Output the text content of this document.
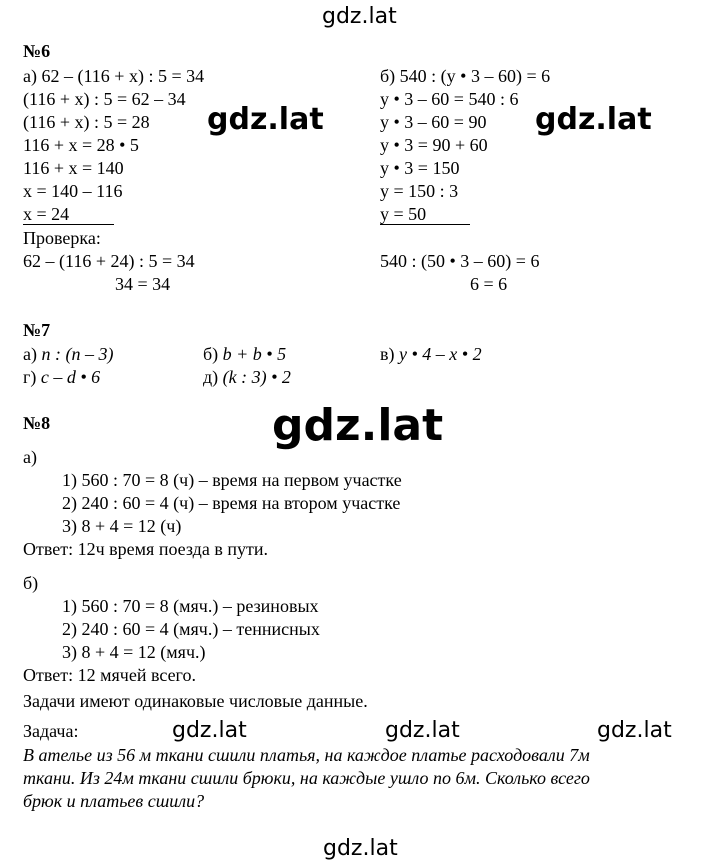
gdz.lat
gdz.lat	gdz.lat
gdz.lat
gdz.lat	gdz.lat	gdz.lat
gdz.lat
№6
а) 62 – (116 + x) : 5 = 34
(116 + x) : 5 = 62 – 34
(116 + x) : 5 = 28
116 + x = 28 • 5
116 + x = 140
x = 140 – 116
x = 24
Проверка:
62 – (116 + 24) : 5 = 34
34 = 34
б) 540 : (y • 3 – 60) = 6
y • 3 – 60 = 540 : 6
y • 3 – 60 = 90
y • 3 = 90 + 60
y • 3 = 150
y = 150 : 3
y = 50
540 : (50 • 3 – 60) = 6
6 = 6
№7
а) n : (n – 3)	б) b + b • 5	в) y • 4 – x • 2
г) c – d • 6	д) (k : 3) • 2
№8
а)
1) 560 : 70 = 8 (ч) – время на первом участке
2) 240 : 60 = 4 (ч) – время на втором участке
3) 8 + 4 = 12 (ч)
Ответ: 12ч время поезда в пути.
б)
1) 560 : 70 = 8 (мяч.) – резиновых
2) 240 : 60 = 4 (мяч.) – теннисных
3) 8 + 4 = 12 (мяч.)
Ответ: 12 мячей всего.
Задачи имеют одинаковые числовые данные.
Задача:
В ателье из 56 м ткани сшили платья, на каждое платье расходовали 7м
ткани. Из 24м ткани сшили брюки, на каждые ушло по 6м. Сколько всего
брюк и платьев сшили?
